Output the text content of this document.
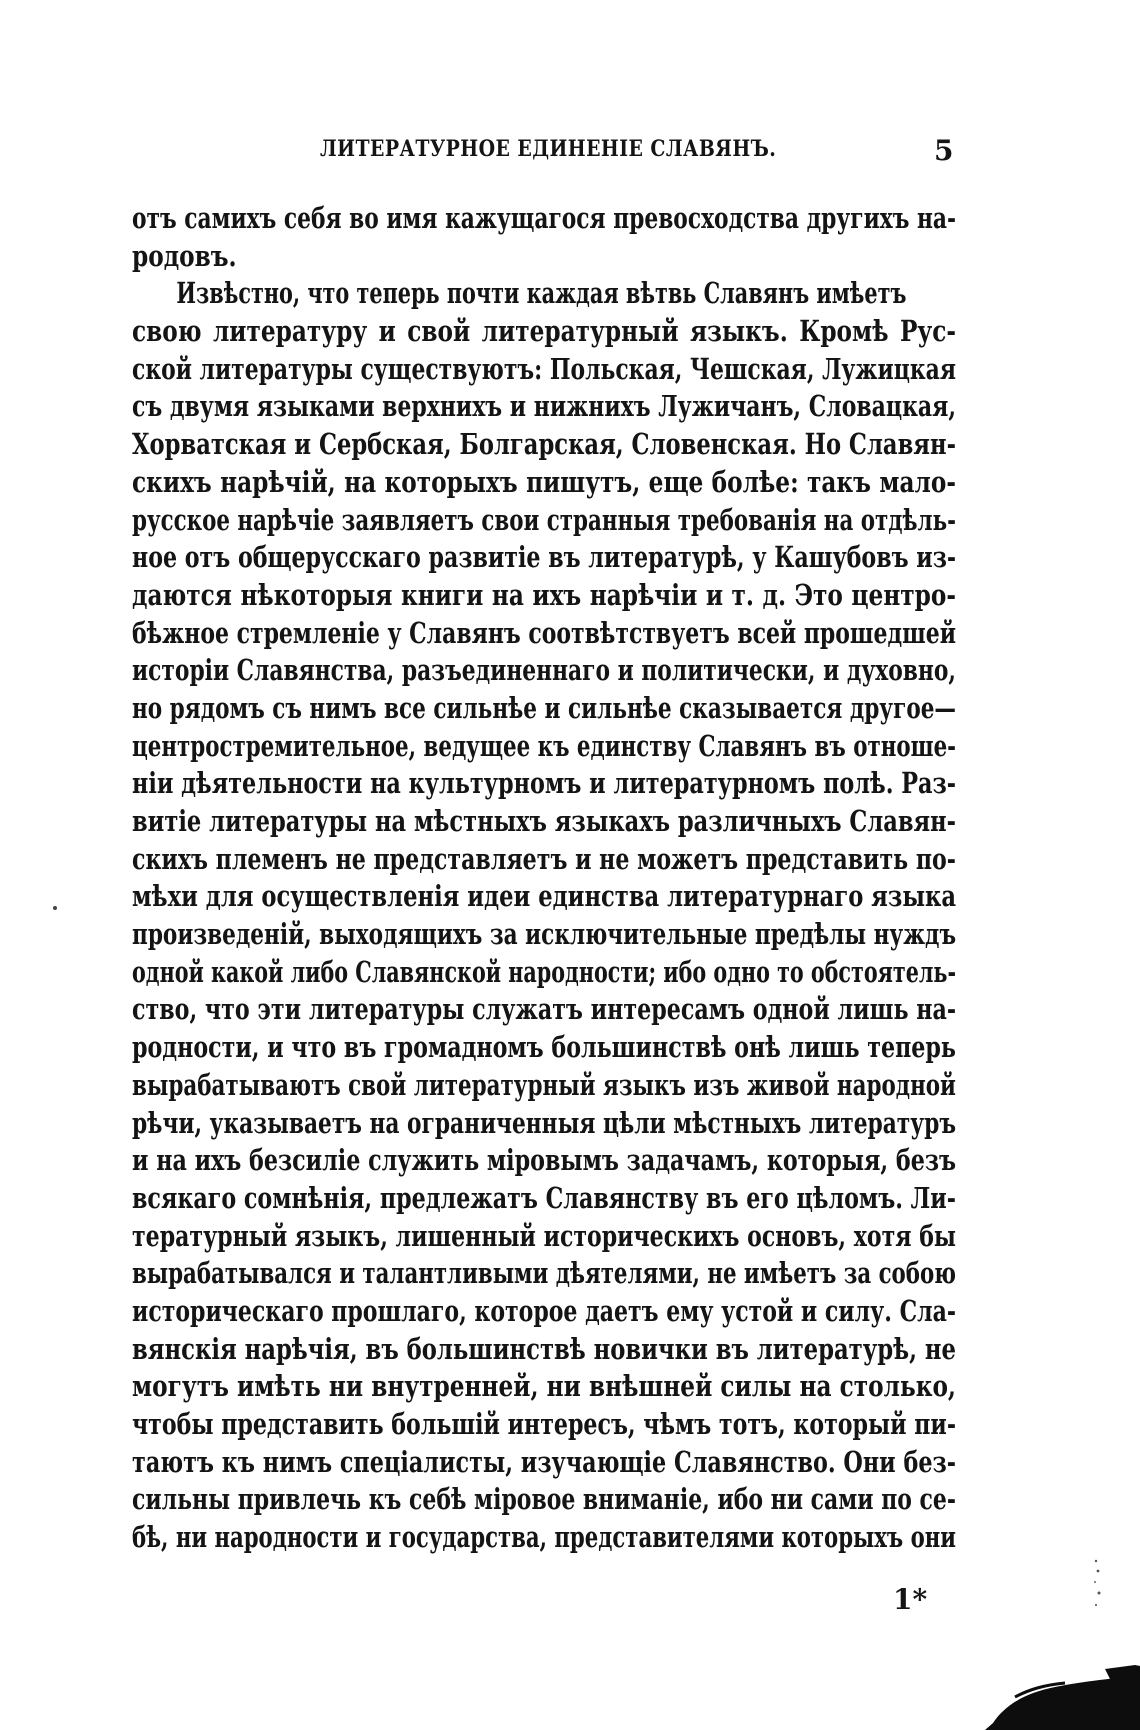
ЛИТЕРАТУРНОЕ ЕДИНЕНІЕ СЛАВЯНЪ.	5
отъ самихъ себя во имя кажущагося превосходства другихъ на-
родовъ.
Извѣстно, что теперь почти каждая вѣтвь Славянъ имѣетъ
свою литературу и свой литературный языкъ. Кромѣ Рус-
ской литературы существуютъ: Польская, Чешская, Лужицкая
съ двумя языками верхнихъ и нижнихъ Лужичанъ, Словацкая,
Хорватская и Сербская, Болгарская, Словенская. Но Славян-
скихъ нарѣчій, на которыхъ пишутъ, еще болѣе: такъ мало-
русское нарѣчіе заявляетъ свои странныя требованія на отдѣль-
ное отъ общерусскаго развитіе въ литературѣ, у Кашубовъ из-
даются нѣкоторыя книги на ихъ нарѣчіи и т. д. Это центро-
бѣжное стремленіе у Славянъ соотвѣтствуетъ всей прошедшей
исторіи Славянства, разъединеннаго и политически, и духовно,
но рядомъ съ нимъ все сильнѣе и сильнѣе сказывается другое—
центростремительное, ведущее къ единству Славянъ въ отноше-
ніи дѣятельности на культурномъ и литературномъ полѣ. Раз-
витіе литературы на мѣстныхъ языкахъ различныхъ Славян-
скихъ племенъ не представляетъ и не можетъ представить по-
мѣхи для осуществленія идеи единства литературнаго языка
произведеній, выходящихъ за исключительные предѣлы нуждъ
одной какой либо Славянской народности; ибо одно то обстоятель-
ство, что эти литературы служатъ интересамъ одной лишь на-
родности, и что въ громадномъ большинствѣ онѣ лишь теперь
вырабатываютъ свой литературный языкъ изъ живой народной
рѣчи, указываетъ на ограниченныя цѣли мѣстныхъ литературъ
и на ихъ безсиліе служить міровымъ задачамъ, которыя, безъ
всякаго сомнѣнія, предлежатъ Славянству въ его цѣломъ. Ли-
тературный языкъ, лишенный историческихъ основъ, хотя бы
вырабатывался и талантливыми дѣятелями, не имѣетъ за собою
историческаго прошлаго, которое даетъ ему устой и силу. Сла-
вянскія нарѣчія, въ большинствѣ новички въ литературѣ, не
могутъ имѣть ни внутренней, ни внѣшней силы на столько,
чтобы представить большій интересъ, чѣмъ тотъ, который пи-
таютъ къ нимъ спеціалисты, изучающіе Славянство. Они без-
сильны привлечь къ себѣ міровое вниманіе, ибо ни сами по се-
бѣ, ни народности и государства, представителями которыхъ они
1*
